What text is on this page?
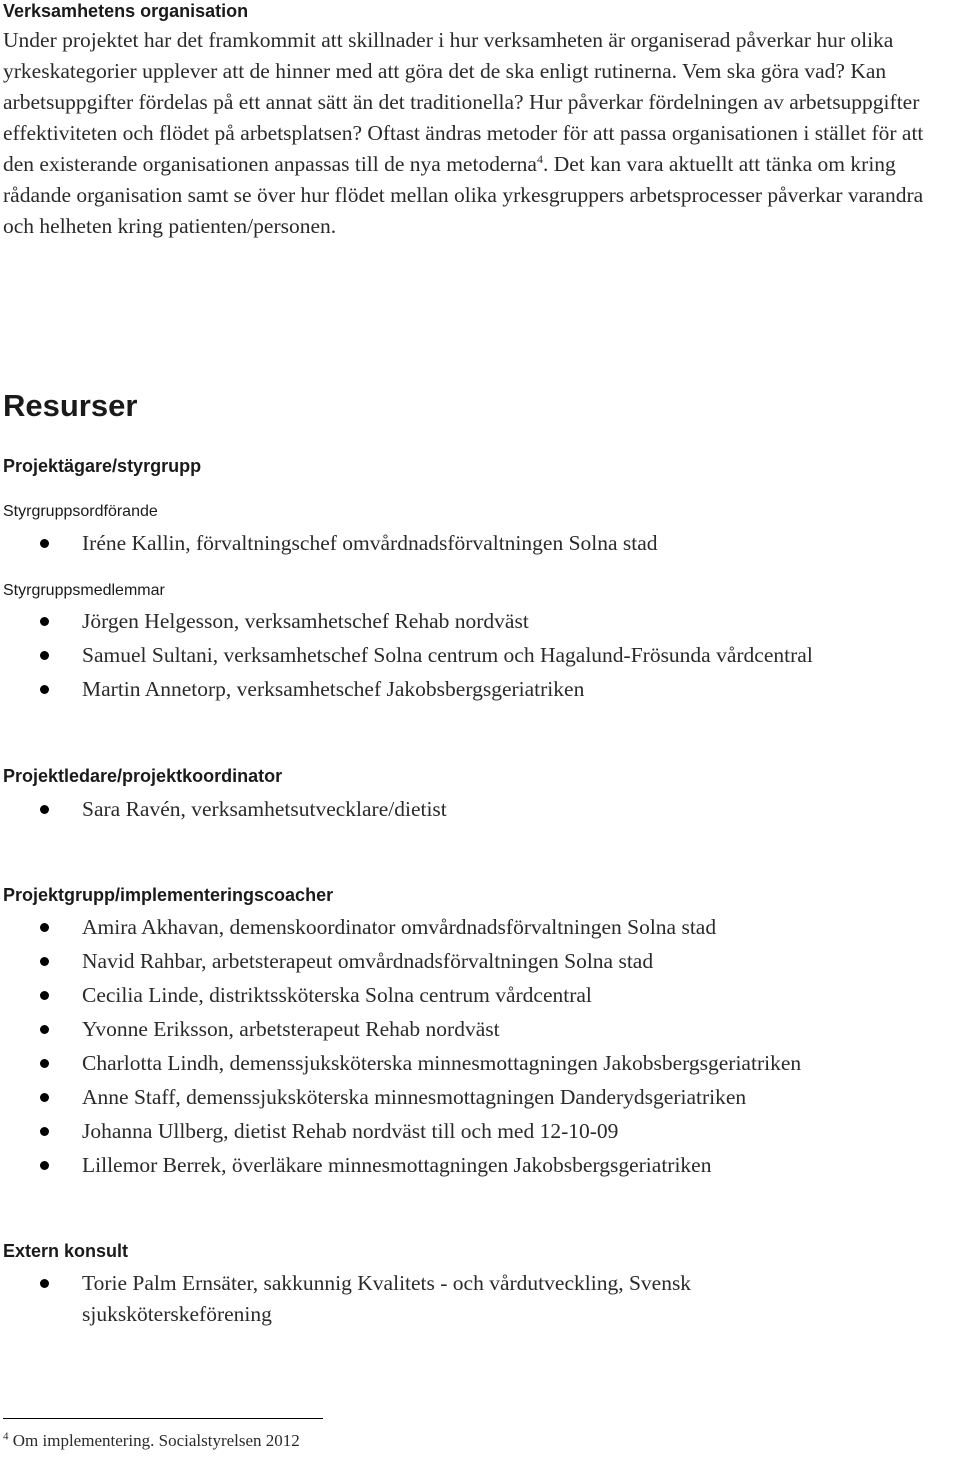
Verksamhetens organisation

Under projektet har det framkommit att skillnader i hur verksamheten är organiserad påverkar hur olika yrkeskategorier upplever att de hinner med att göra det de ska enligt rutinerna. Vem ska göra vad? Kan arbetsuppgifter fördelas på ett annat sätt än det traditionella? Hur påverkar fördelningen av arbetsuppgifter effektiviteten och flödet på arbetsplatsen? Oftast ändras metoder för att passa organisationen i stället för att den existerande organisationen anpassas till de nya metoderna$^4$. Det kan vara aktuellt att tänka om kring rådande organisation samt se över hur flödet mellan olika yrkesgruppers arbetsprocesser påverkar varandra och helheten kring patienten/personen.

Resurser
Projektägare/styrgrupp

Styrgruppsordförande

Iréne Kallin, förvaltningschef omvårdnadsförvaltningen Solna stad

Styrgruppsmedlemmar

Jörgen Helgesson, verksamhetschef Rehab nordväst
Samuel Sultani, verksamhetschef Solna centrum och Hagalund-Frösunda vårdcentral
Martin Annetorp, verksamhetschef Jakobsbergsgeriatriken
Projektledare/projektkoordinator
Sara Ravén, verksamhetsutvecklare/dietist
Projektgrupp/implementeringscoacher
Amira Akhavan, demenskoordinator omvårdnadsförvaltningen Solna stad
Navid Rahbar, arbetsterapeut omvårdnadsförvaltningen Solna stad
Cecilia Linde, distriktssköterska Solna centrum vårdcentral
Yvonne Eriksson, arbetsterapeut Rehab nordväst
Charlotta Lindh, demenssjuksköterska minnesmottagningen Jakobsbergsgeriatriken
Anne Staff, demenssjuksköterska minnesmottagningen Danderydsgeriatriken
Johanna Ullberg, dietist Rehab nordväst till och med 12-10-09
Lillemor Berrek, överläkare minnesmottagningen Jakobsbergsgeriatriken
Extern konsult
Torie Palm Ernsäter, sakkunnig Kvalitets - och vårdutveckling, Svensk sjuksköterskeförening

$^4$ Om implementering. Socialstyrelsen 2012
